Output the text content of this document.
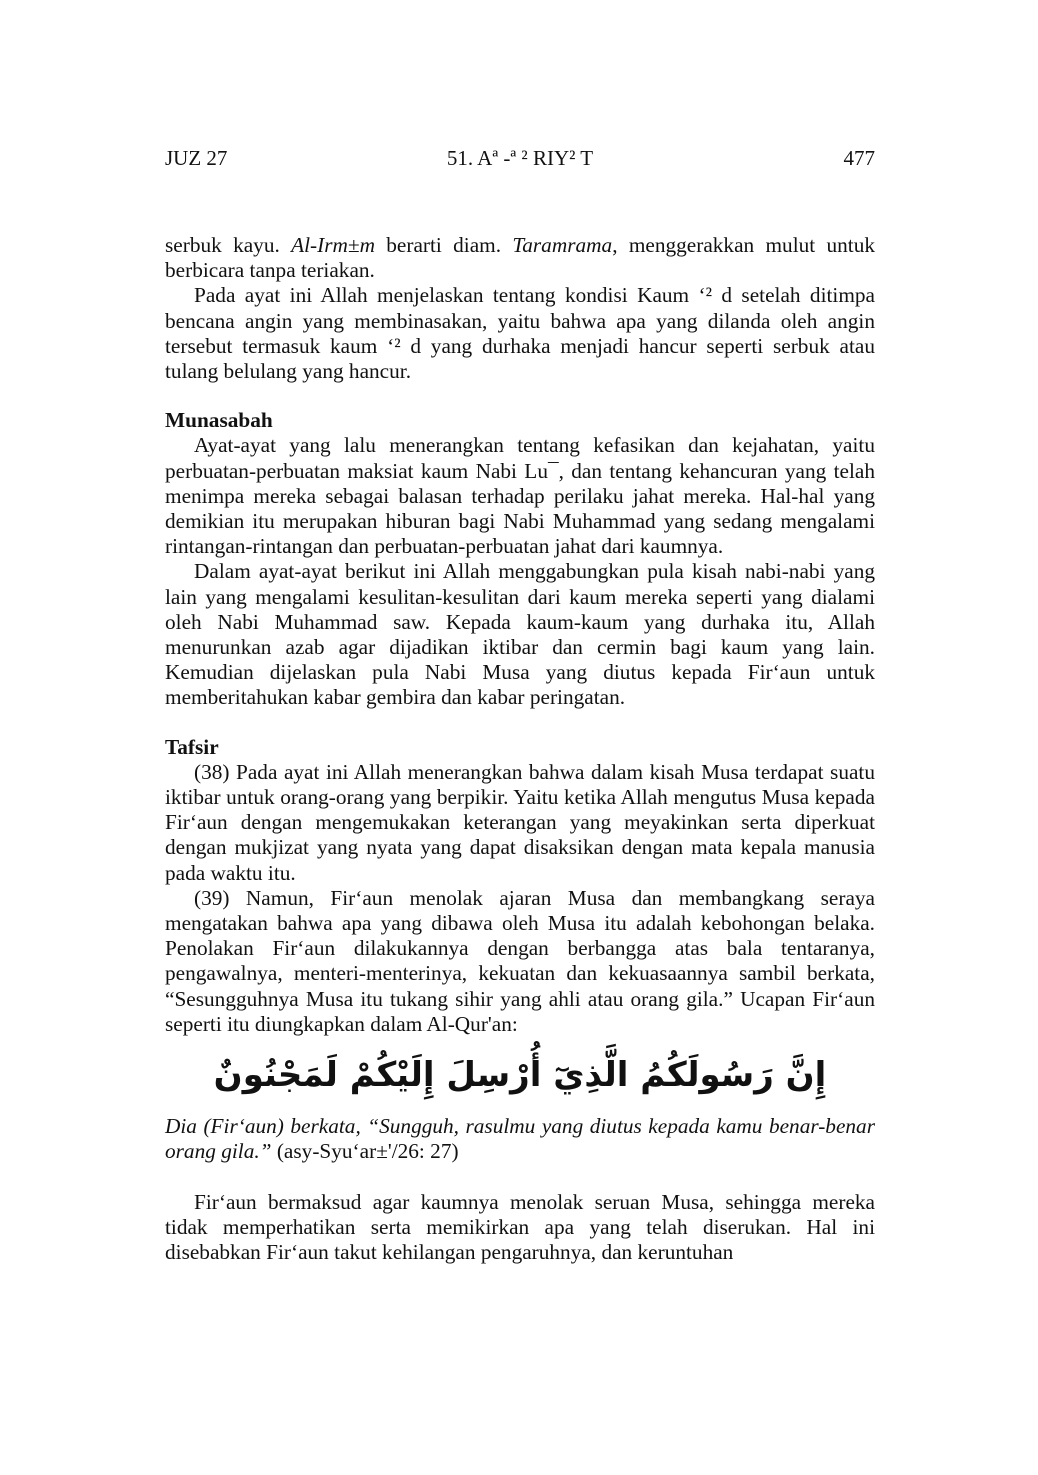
JUZ 27	51. Aª -ª ² RIY² T	477

serbuk kayu. Al-Irm±m berarti diam. Taramrama, menggerakkan mulut untuk berbicara tanpa teriakan.

Pada ayat ini Allah menjelaskan tentang kondisi Kaum ‘² d setelah ditimpa bencana angin yang membinasakan, yaitu bahwa apa yang dilanda oleh angin tersebut termasuk kaum ‘² d yang durhaka menjadi hancur seperti serbuk atau tulang belulang yang hancur.

Munasabah

Ayat-ayat yang lalu menerangkan tentang kefasikan dan kejahatan, yaitu perbuatan-perbuatan maksiat kaum Nabi Lu¯, dan tentang kehancuran yang telah menimpa mereka sebagai balasan terhadap perilaku jahat mereka. Hal-hal yang demikian itu merupakan hiburan bagi Nabi Muhammad yang sedang mengalami rintangan-rintangan dan perbuatan-perbuatan jahat dari kaumnya.

Dalam ayat-ayat berikut ini Allah menggabungkan pula kisah nabi-nabi yang lain yang mengalami kesulitan-kesulitan dari kaum mereka seperti yang dialami oleh Nabi Muhammad saw. Kepada kaum-kaum yang durhaka itu, Allah menurunkan azab agar dijadikan iktibar dan cermin bagi kaum yang lain. Kemudian dijelaskan pula Nabi Musa yang diutus kepada Fir‘aun untuk memberitahukan kabar gembira dan kabar peringatan.

Tafsir

(38) Pada ayat ini Allah menerangkan bahwa dalam kisah Musa terdapat suatu iktibar untuk orang-orang yang berpikir. Yaitu ketika Allah mengutus Musa kepada Fir‘aun dengan mengemukakan keterangan yang meyakinkan serta diperkuat dengan mukjizat yang nyata yang dapat disaksikan dengan mata kepala manusia pada waktu itu.

(39) Namun, Fir‘aun menolak ajaran Musa dan membangkang seraya mengatakan bahwa apa yang dibawa oleh Musa itu adalah kebohongan belaka. Penolakan Fir‘aun dilakukannya dengan berbangga atas bala tentaranya, pengawalnya, menteri-menterinya, kekuatan dan kekuasaannya sambil berkata, “Sesungguhnya Musa itu tukang sihir yang ahli atau orang gila.” Ucapan Fir‘aun seperti itu diungkapkan dalam Al-Qur'an:

إِنَّ رَسُولَكُمُ الَّذِيٓ أُرْسِلَ إِلَيْكُمْ لَمَجْنُونٌ

Dia (Fir‘aun) berkata, “Sungguh, rasulmu yang diutus kepada kamu benar-benar orang gila.” (asy-Syu‘ar±'/26: 27)

Fir‘aun bermaksud agar kaumnya menolak seruan Musa, sehingga mereka tidak memperhatikan serta memikirkan apa yang telah diserukan. Hal ini disebabkan Fir‘aun takut kehilangan pengaruhnya, dan keruntuhan
